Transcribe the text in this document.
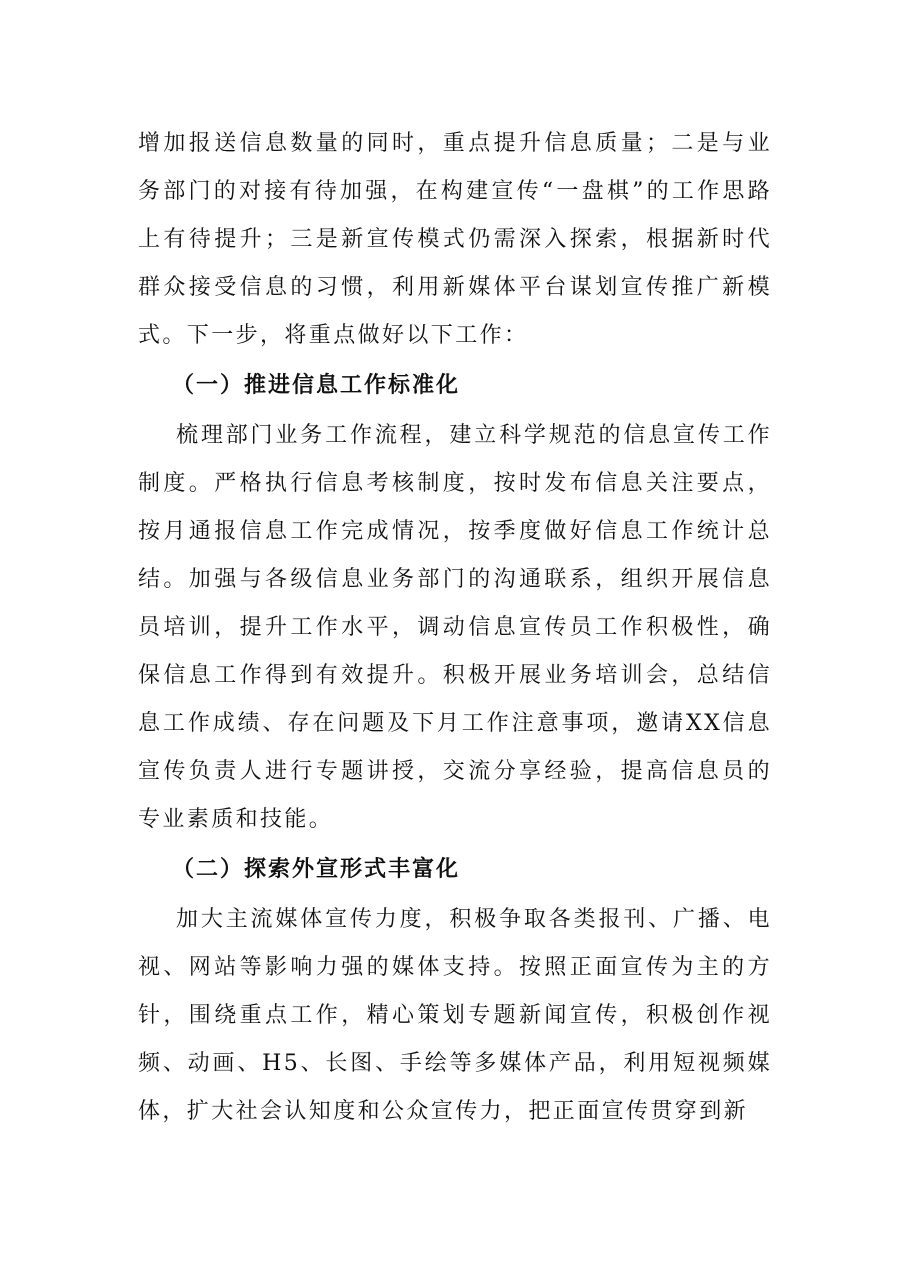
增加报送信息数量的同时，重点提升信息质量；二是与业务部门的对接有待加强，在构建宣传“一盘棋”的工作思路上有待提升；三是新宣传模式仍需深入探索，根据新时代群众接受信息的习惯，利用新媒体平台谋划宣传推广新模式。下一步，将重点做好以下工作：

（一）推进信息工作标准化

梳理部门业务工作流程，建立科学规范的信息宣传工作制度。严格执行信息考核制度，按时发布信息关注要点，按月通报信息工作完成情况，按季度做好信息工作统计总结。加强与各级信息业务部门的沟通联系，组织开展信息员培训，提升工作水平，调动信息宣传员工作积极性，确保信息工作得到有效提升。积极开展业务培训会，总结信息工作成绩、存在问题及下月工作注意事项，邀请XX信息宣传负责人进行专题讲授，交流分享经验，提高信息员的专业素质和技能。

（二）探索外宣形式丰富化

加大主流媒体宣传力度，积极争取各类报刊、广播、电视、网站等影响力强的媒体支持。按照正面宣传为主的方针，围绕重点工作，精心策划专题新闻宣传，积极创作视频、动画、H5、长图、手绘等多媒体产品，利用短视频媒体，扩大社会认知度和公众宣传力，把正面宣传贯穿到新
